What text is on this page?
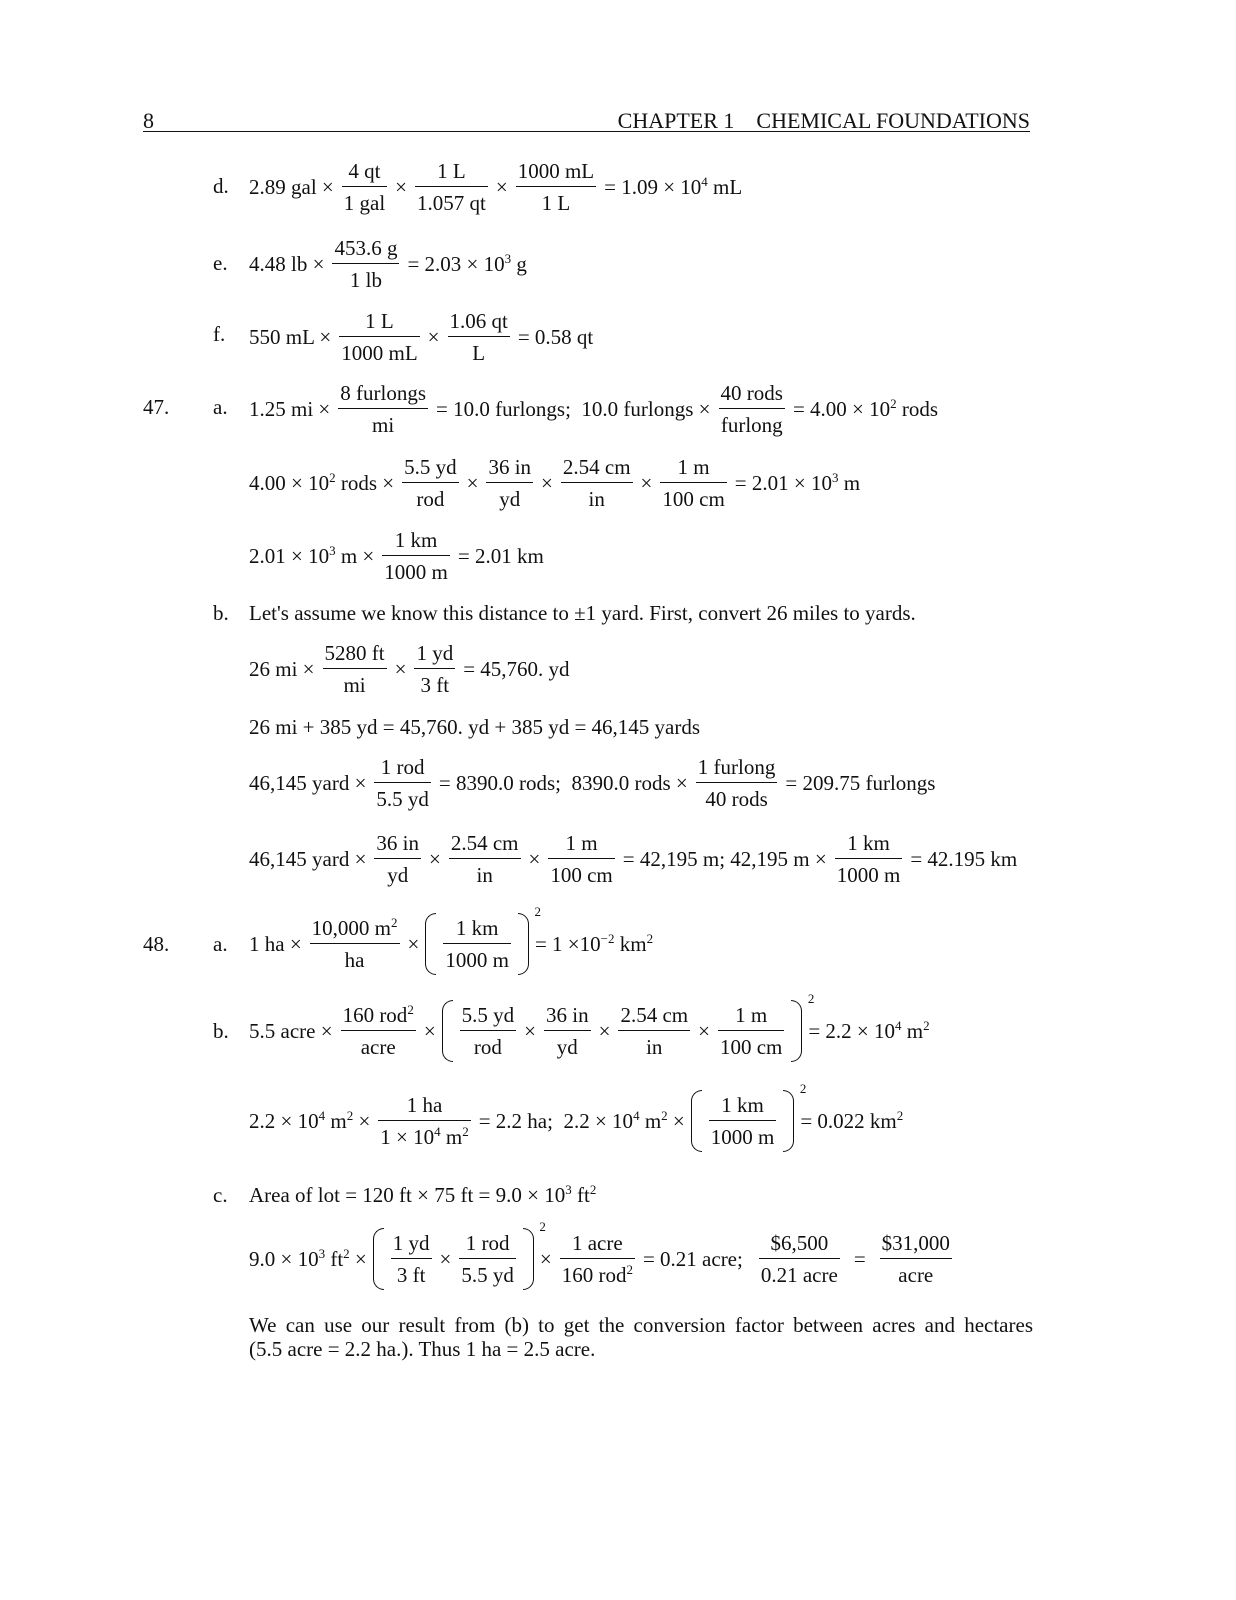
8	CHAPTER 1    CHEMICAL FOUNDATIONS
d. 2.89 gal × $\frac{4 qt}{\text{1 gal}} \times \frac{1 L}{1.057 qt} \times \frac{1000 mL}{1 L} = 1.09 \times 10^4$ mL
e. 4.48 lb × $\frac{453.6 g}{1 lb} = 2.03 \times 10^3$ g
f. 550 mL × $\frac{1 L}{1000 mL} \times \frac{1.06 qt}{L} = 0.58$ qt
47. a. 1.25 mi × $\frac{\text{8 furlongs}}{mi} = 10.0$ furlongs;  10.0 furlongs × $\frac{\text{40 rods}}{\text{furlong}} = 4.00 \times 10^2$ rods
$4.00 \times 10^2$ rods × $\frac{5.5 yd}{\text{rod}} \times \frac{36 in}{yd} \times \frac{2.54 cm}{in} \times \frac{1 m}{100 cm} = 2.01 \times 10^3$ m
$2.01 \times 10^3$ $m \times \frac{1 km}{1000 m} = 2.01$ km
b. Let's assume we know this distance to ±1 yard. First, convert 26 miles to yards.
26 mi × $\frac{5280 ft}{mi} \times \frac{1 yd}{3 ft} = 45,760$. yd
26 mi + 385 yd = 45,760. yd + 385 yd = 46,145 yards
46,145 yard × $\frac{\text{1 rod}}{5.5 yd} = 8390.0$ rods;  8390.0 rods × $\frac{\text{1 furlong}}{\text{40 rods}} = 209.75$ furlongs
46,145 yard × $\frac{36 in}{yd} \times \frac{2.54 cm}{in} \times \frac{1 m}{100 cm} = 42,195$ m; 42,195 $m \times \frac{1 km}{1000 m} = 42.195$ km
48. a. 1 ha × $\frac{10,000 m^2}{ha} \times \frac{1 km}{1000 m}$
2
= $1 \times 10^{-2}$ $km^2$
b. 5.5 acre × $\frac{160 rod^2}{\text{acre}} \times \frac{5.5 yd}{\text{rod}} \times \frac{36 in}{yd} \times \frac{2.54 cm}{in} \times \frac{1 m}{100 cm}$
2
= $2.2 \times 10^4$ $m^2$
$2.2 \times 10^4$ $m^2 \times \frac{1 ha}{1 \times 10^4 m^2} = 2.2$ ha;  $2.2 \times 10^4$ $m^2 \times \frac{1 km}{1000 m}$
2
= 0.022 $km^2$
c. Area of lot = 120 ft × 75 ft = $9.0 \times 10^3$ $ft^2$
$9.0 \times 10^3$ $ft^2 \times \frac{1 yd}{3 ft} \times \frac{\text{1 rod}}{5.5 yd}$
2
× $\frac{\text{1 acre}}{160 rod^2} = 0.21$ acre; $\frac{\$6,500}{\text{0.21 acre}} = \frac{\$31,000}{\text{acre}}$
We can use our result from (b) to get the conversion factor between acres and hectares
(5.5 acre = 2.2 ha.). Thus 1 ha = 2.5 acre.
